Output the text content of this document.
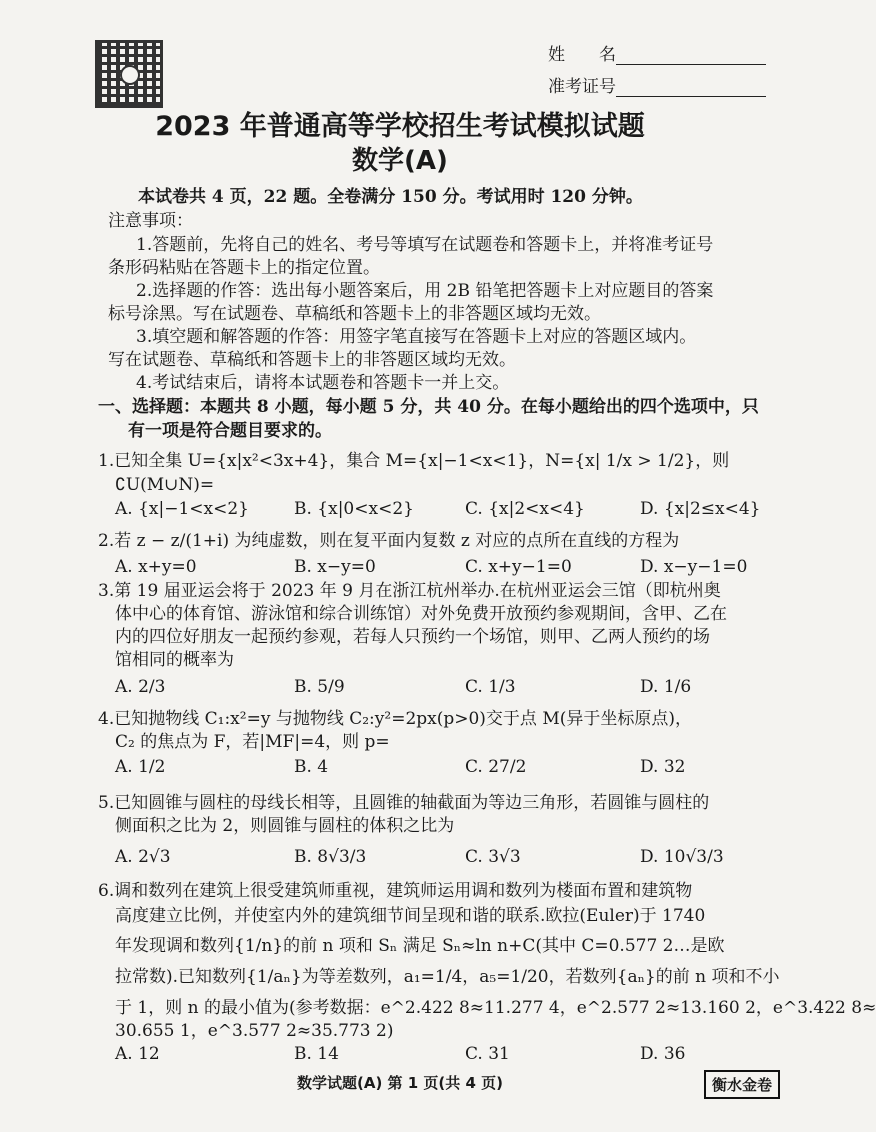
姓　　名
准考证号
2023 年普通高等学校招生考试模拟试题
数学(A)
本试卷共 4 页，22 题。全卷满分 150 分。考试用时 120 分钟。
注意事项：
1.答题前，先将自己的姓名、考号等填写在试题卷和答题卡上，并将准考证号
条形码粘贴在答题卡上的指定位置。
2.选择题的作答：选出每小题答案后，用 2B 铅笔把答题卡上对应题目的答案
标号涂黑。写在试题卷、草稿纸和答题卡上的非答题区域均无效。
3.填空题和解答题的作答：用签字笔直接写在答题卡上对应的答题区域内。
写在试题卷、草稿纸和答题卡上的非答题区域均无效。
4.考试结束后，请将本试题卷和答题卡一并上交。
一、选择题：本题共 8 小题，每小题 5 分，共 40 分。在每小题给出的四个选项中，只
有一项是符合题目要求的。
1.已知全集 U={x|x²<3x+4}，集合 M={x|−1<x<1}，N={x| 1/x > 1/2}，则
∁U(M∪N)=
A. {x|−1<x<2}	B. {x|0<x<2}	C. {x|2<x<4}	D. {x|2≤x<4}
2.若 z − z/(1+i) 为纯虚数，则在复平面内复数 z 对应的点所在直线的方程为
A. x+y=0	B. x−y=0	C. x+y−1=0	D. x−y−1=0
3.第 19 届亚运会将于 2023 年 9 月在浙江杭州举办.在杭州亚运会三馆（即杭州奥
体中心的体育馆、游泳馆和综合训练馆）对外免费开放预约参观期间，含甲、乙在
内的四位好朋友一起预约参观，若每人只预约一个场馆，则甲、乙两人预约的场
馆相同的概率为
A. 2/3	B. 5/9	C. 1/3	D. 1/6
4.已知抛物线 C₁:x²=y 与抛物线 C₂:y²=2px(p>0)交于点 M(异于坐标原点)，
C₂ 的焦点为 F，若|MF|=4，则 p=
A. 1/2	B. 4	C. 27/2	D. 32
5.已知圆锥与圆柱的母线长相等，且圆锥的轴截面为等边三角形，若圆锥与圆柱的
侧面积之比为 2，则圆锥与圆柱的体积之比为
A. 2√3	B. 8√3/3	C. 3√3	D. 10√3/3
6.调和数列在建筑上很受建筑师重视，建筑师运用调和数列为楼面布置和建筑物
高度建立比例，并使室内外的建筑细节间呈现和谐的联系.欧拉(Euler)于 1740
年发现调和数列{1/n}的前 n 项和 Sₙ 满足 Sₙ≈ln n+C(其中 C=0.577 2…是欧
拉常数).已知数列{1/aₙ}为等差数列，a₁=1/4，a₅=1/20，若数列{aₙ}的前 n 项和不小
于 1，则 n 的最小值为(参考数据：e^2.422 8≈11.277 4，e^2.577 2≈13.160 2，e^3.422 8≈
30.655 1，e^3.577 2≈35.773 2)
A. 12	B. 14	C. 31	D. 36
数学试题(A) 第 1 页(共 4 页)	衡水金卷
